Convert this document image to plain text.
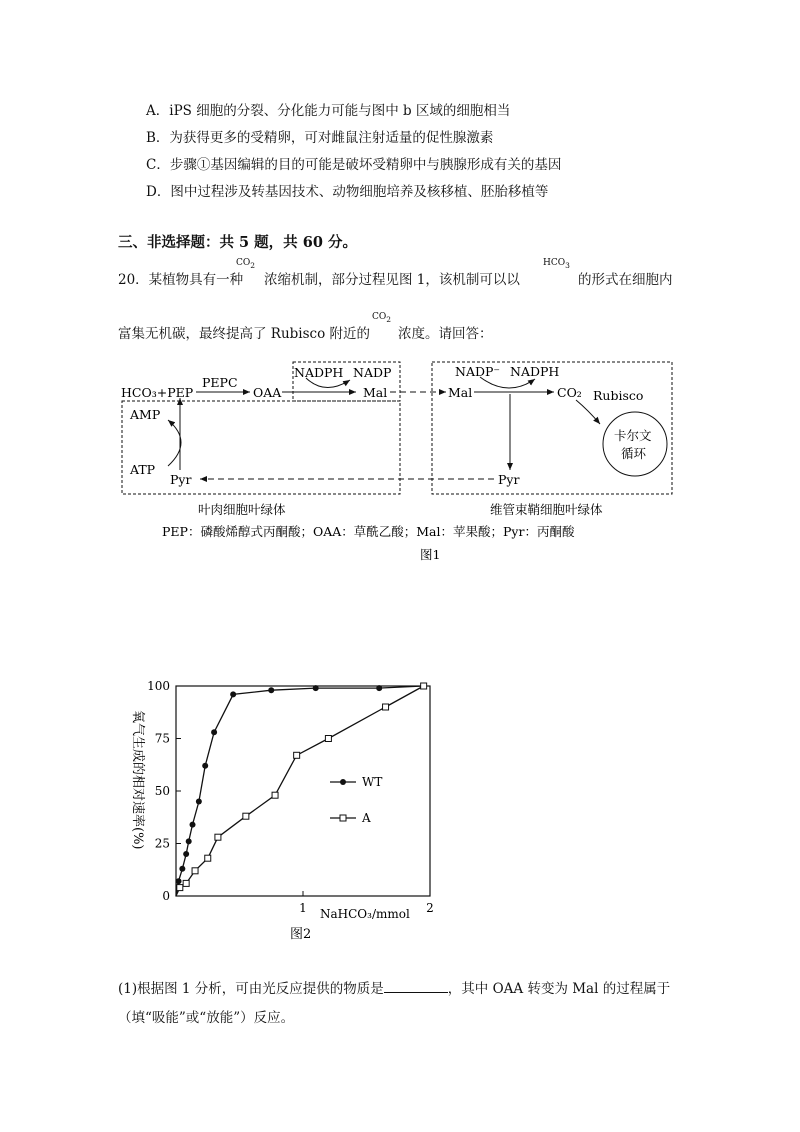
A．iPS 细胞的分裂、分化能力可能与图中 b 区域的细胞相当
B．为获得更多的受精卵，可对雌鼠注射适量的促性腺激素
C．步骤①基因编辑的目的可能是破坏受精卵中与胰腺形成有关的基因
D．图中过程涉及转基因技术、动物细胞培养及核移植、胚胎移植等
三、非选择题：共 5 题，共 60 分。
20．某植物具有一种
$CO_2$
浓缩机制，部分过程见图 1，该机制可以以
$HCO_3$
的形式在细胞内
富集无机碳，最终提高了 Rubisco 附近的
$CO_2$
浓度。请回答：
HCO₃+PEP
PEPC
OAA
NADPH NADP
Mal	Mal
NADP⁻ NADPH
CO₂ Rubisco
卡尔文
循环
Pyr
Pyr
AMP
ATP
叶肉细胞叶绿体	维管束鞘细胞叶绿体
PEP：磷酸烯醇式丙酮酸；OAA：草酰乙酸；Mal：苹果酸；Pyr：丙酮酸
图1
氧气生成的相对速率(%)
NaHCO₃/mmol
图2
0
25
50
75
100
1	2
WT
A
(1)根据图 1 分析，可由光反应提供的物质是	，其中 OAA 转变为 Mal 的过程属于
（填“吸能”或“放能”）反应。
